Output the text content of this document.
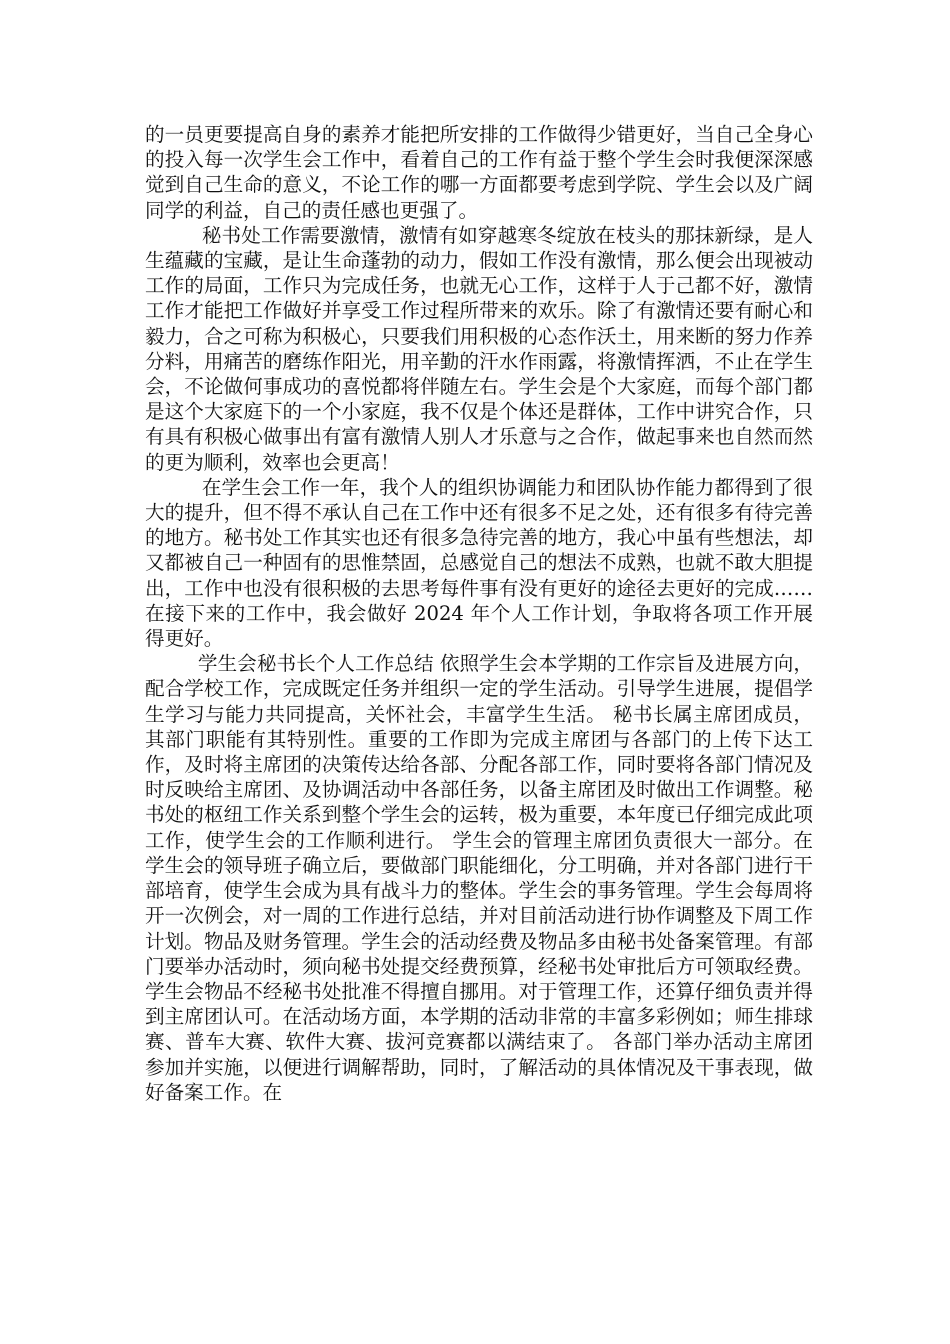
的一员更要提高自身的素养才能把所安排的工作做得少错更好，当自己全身心的投入每一次学生会工作中，看着自己的工作有益于整个学生会时我便深深感觉到自己生命的意义，不论工作的哪一方面都要考虑到学院、学生会以及广阔同学的利益，自己的责任感也更强了。

秘书处工作需要激情，激情有如穿越寒冬绽放在枝头的那抹新绿，是人生蕴藏的宝藏，是让生命蓬勃的动力，假如工作没有激情，那么便会出现被动工作的局面，工作只为完成任务，也就无心工作，这样于人于己都不好，激情工作才能把工作做好并享受工作过程所带来的欢乐。除了有激情还要有耐心和毅力，合之可称为积极心，只要我们用积极的心态作沃土，用来断的努力作养分料，用痛苦的磨练作阳光，用辛勤的汗水作雨露，将激情挥洒，不止在学生会，不论做何事成功的喜悦都将伴随左右。学生会是个大家庭，而每个部门都是这个大家庭下的一个小家庭，我不仅是个体还是群体，工作中讲究合作，只有具有积极心做事出有富有激情人别人才乐意与之合作，做起事来也自然而然的更为顺利，效率也会更高！

在学生会工作一年，我个人的组织协调能力和团队协作能力都得到了很大的提升，但不得不承认自己在工作中还有很多不足之处，还有很多有待完善的地方。秘书处工作其实也还有很多急待完善的地方，我心中虽有些想法，却又都被自己一种固有的思惟禁固，总感觉自己的想法不成熟，也就不敢大胆提出，工作中也没有很积极的去思考每件事有没有更好的途径去更好的完成…… 在接下来的工作中，我会做好 2024 年个人工作计划，争取将各项工作开展得更好。

学生会秘书长个人工作总结 依照学生会本学期的工作宗旨及进展方向，配合学校工作，完成既定任务并组织一定的学生活动。引导学生进展，提倡学生学习与能力共同提高，关怀社会，丰富学生生活。 秘书长属主席团成员，其部门职能有其特别性。重要的工作即为完成主席团与各部门的上传下达工作，及时将主席团的决策传达给各部、分配各部工作，同时要将各部门情况及时反映给主席团、及协调活动中各部任务，以备主席团及时做出工作调整。秘书处的枢纽工作关系到整个学生会的运转，极为重要，本年度已仔细完成此项工作，使学生会的工作顺利进行。 学生会的管理主席团负责很大一部分。在学生会的领导班子确立后，要做部门职能细化，分工明确，并对各部门进行干部培育，使学生会成为具有战斗力的整体。学生会的事务管理。学生会每周将开一次例会，对一周的工作进行总结，并对目前活动进行协作调整及下周工作计划。物品及财务管理。学生会的活动经费及物品多由秘书处备案管理。有部门要举办活动时，须向秘书处提交经费预算，经秘书处审批后方可领取经费。学生会物品不经秘书处批准不得擅自挪用。对于管理工作，还算仔细负责并得到主席团认可。在活动场方面，本学期的活动非常的丰富多彩例如；师生排球赛、普车大赛、软件大赛、拔河竞赛都以满结束了。 各部门举办活动主席团参加并实施，以便进行调解帮助，同时，了解活动的具体情况及干事表现，做好备案工作。在
